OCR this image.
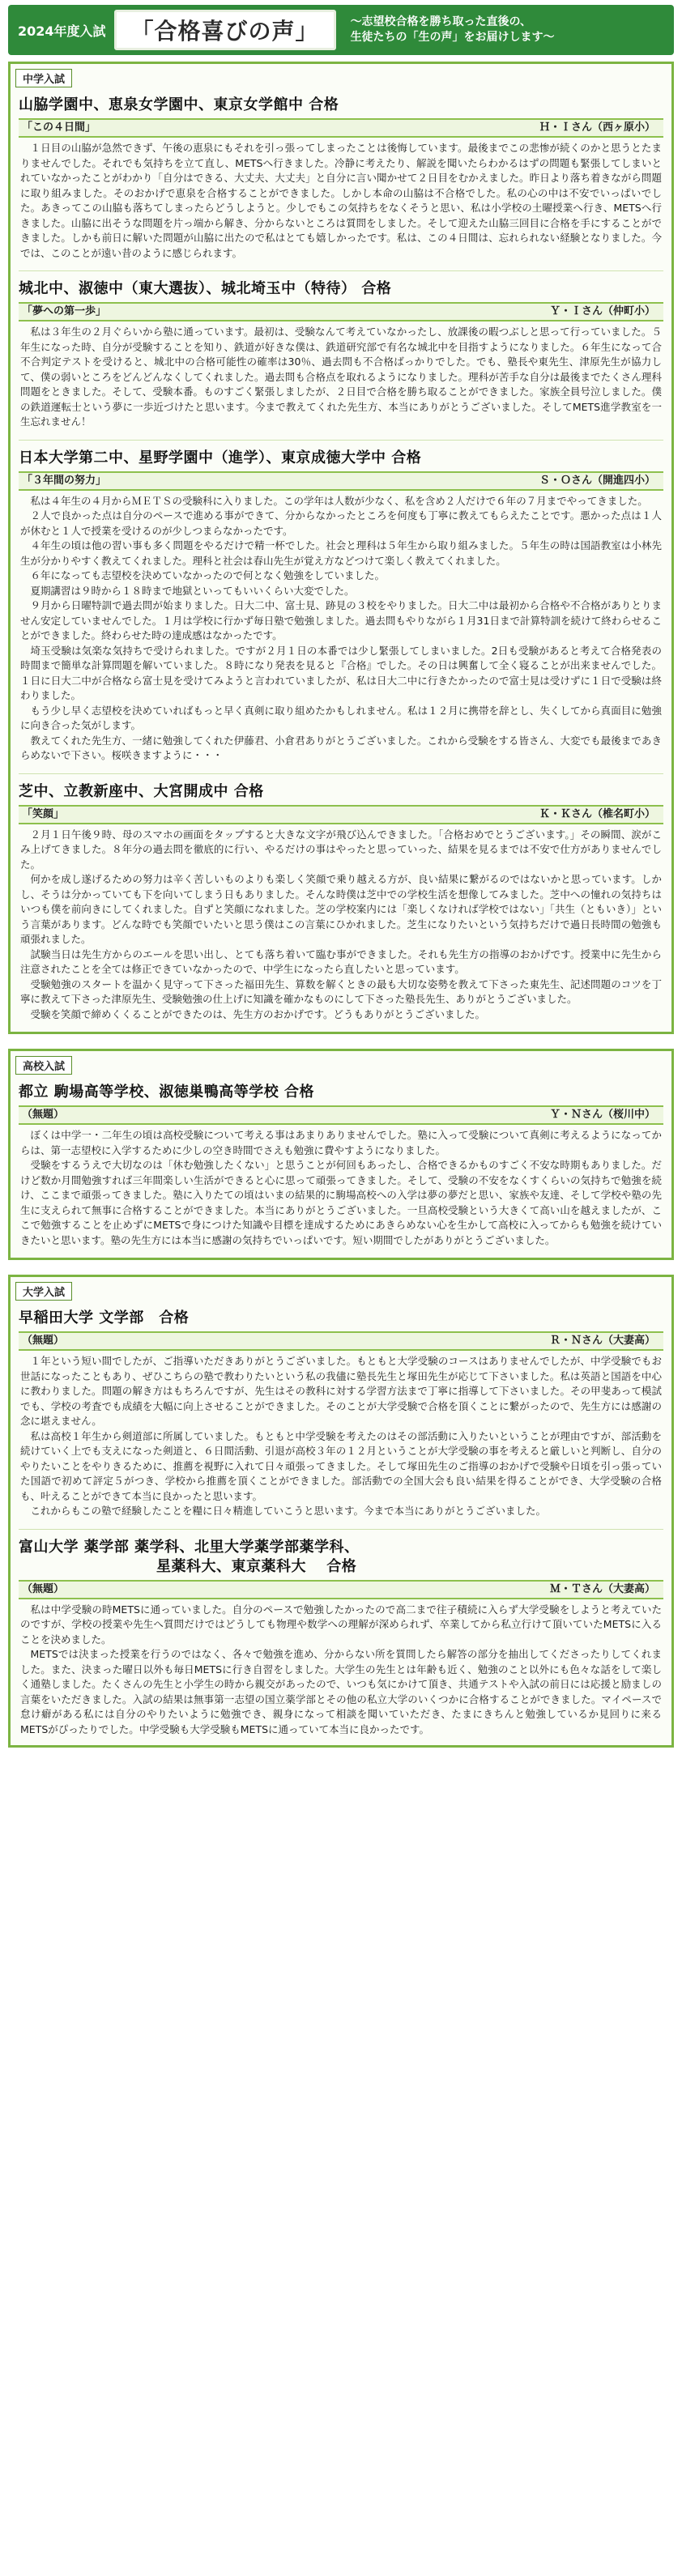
2024年度入試	「合格喜びの声」	～志望校合格を勝ち取った直後の、
生徒たちの「生の声」をお届けします～
中学入試
山脇学園中、恵泉女学園中、東京女学館中 合格
「この４日間」	Ｈ・Ｉさん（西ヶ原小）

１日目の山脇が急然できず、午後の恵泉にもそれを引っ張ってしまったことは後悔しています。最後までこの悲惨が続くのかと思うとたまりませんでした。それでも気持ちを立て直し、METSへ行きました。冷静に考えたり、解説を聞いたらわかるはずの問題も緊張してしまいとれていなかったことがわかり「自分はできる、大丈夫、大丈夫」と自分に言い聞かせて２日目をむかえました。昨日より落ち着きながら問題に取り組みました。そのおかげで恵泉を合格することができました。しかし本命の山脇は不合格でした。私の心の中は不安でいっぱいでした。あきってこの山脇も落ちてしまったらどうしようと。少しでもこの気持ちをなくそうと思い、私は小学校の土曜授業へ行き、METSへ行きました。山脇に出そうな問題を片っ端から解き、分からないところは質問をしました。そして迎えた山脇三回目に合格を手にすることができました。しかも前日に解いた問題が山脇に出たので私はとても嬉しかったです。私は、この４日間は、忘れられない経験となりました。今では、このことが遠い昔のように感じられます。

城北中、淑徳中（東大選抜）、城北埼玉中（特待） 合格
「夢への第一歩」	Ｙ・Ｉさん（仲町小）

私は３年生の２月ぐらいから塾に通っています。最初は、受験なんて考えていなかったし、放課後の暇つぶしと思って行っていました。５年生になった時、自分が受験することを知り、鉄道が好きな僕は、鉄道研究部で有名な城北中を目指すようになりました。６年生になって合不合判定テストを受けると、城北中の合格可能性の確率は30％、過去問も不合格ばっかりでした。でも、塾長や東先生、津原先生が協力して、僕の弱いところをどんどんなくしてくれました。過去問も合格点を取れるようになりました。理科が苦手な自分は最後までたくさん理科問題をときました。そして、受験本番。ものすごく緊張しましたが、２日目で合格を勝ち取ることができました。家族全員号泣しました。僕の鉄道運転士という夢に一歩近づけたと思います。今まで教えてくれた先生方、本当にありがとうございました。そしてMETS進学教室を一生忘れません！

日本大学第二中、星野学園中（進学）、東京成徳大学中 合格
「３年間の努力」	Ｓ・Ｏさん（開進四小）

私は４年生の４月からＭＥＴＳの受験科に入りました。この学年は人数が少なく、私を含め２人だけで６年の７月までやってきました。

２人で良かった点は自分のペースで進める事ができて、分からなかったところを何度も丁寧に教えてもらえたことです。悪かった点は１人が休むと１人で授業を受けるのが少しつまらなかったです。

４年生の頃は他の習い事も多く問題をやるだけで精一杯でした。社会と理科は５年生から取り組みました。５年生の時は国語教室は小林先生が分かりやすく教えてくれました。理科と社会は春山先生が覚え方などつけて楽しく教えてくれました。

６年になっても志望校を決めていなかったので何となく勉強をしていました。

夏期講習は９時から１８時まで地獄といってもいいくらい大変でした。

９月から日曜特訓で過去問が始まりました。日大二中、富士見、跡見の３校をやりました。日大二中は最初から合格や不合格がありとりません安定していませんでした。１月は学校に行かず毎日塾で勉強しました。過去問もやりながら１月31日まで計算特訓を続けて終わらせることができました。終わらせた時の達成感はなかったです。

埼玉受験は気楽な気持ちで受けられました。ですが２月１日の本番では少し緊張してしまいました。2日も受験があると考えて合格発表の時間まで簡単な計算問題を解いていました。８時になり発表を見ると『合格』でした。その日は興奮して全く寝ることが出来ませんでした。１日に日大二中が合格なら富士見を受けてみようと言われていましたが、私は日大二中に行きたかったので富士見は受けずに１日で受験は終わりました。

もう少し早く志望校を決めていればもっと早く真剣に取り組めたかもしれません。私は１２月に携帯を辞とし、失くしてから真面目に勉強に向き合った気がします。

教えてくれた先生方、一緒に勉強してくれた伊藤君、小倉君ありがとうございました。これから受験をする皆さん、大変でも最後まであきらめないで下さい。桜咲きますように・・・

芝中、立教新座中、大宮開成中 合格
「笑顔」	Ｋ・Ｋさん（椎名町小）

２月１日午後９時、母のスマホの画面をタップすると大きな文字が飛び込んできました。「合格おめでとうございます。」その瞬間、涙がこみ上げてきました。８年分の過去問を徹底的に行い、やるだけの事はやったと思っていった、結果を見るまでは不安で仕方がありませんでした。

何かを成し遂げるための努力は辛く苦しいものよりも楽しく笑顔で乗り越える方が、良い結果に繋がるのではないかと思っています。しかし、そうは分かっていても下を向いてしまう日もありました。そんな時僕は芝中での学校生活を想像してみました。芝中への憧れの気持ちはいつも僕を前向きにしてくれました。自ずと笑顔になれました。芝の学校案内には「楽しくなければ学校ではない」「共生（ともいき）」という言葉があります。どんな時でも笑顔でいたいと思う僕はこの言葉にひかれました。芝生になりたいという気持ちだけで過日長時間の勉強も頑張れました。

試験当日は先生方からのエールを思い出し、とても落ち着いて臨む事ができました。それも先生方の指導のおかげです。授業中に先生から注意されたことを全ては修正できていなかったので、中学生になったら直したいと思っています。

受験勉強のスタートを温かく見守って下さった福田先生、算数を解くときの最も大切な姿勢を教えて下さった東先生、記述問題のコツを丁寧に教えて下さった津原先生、受験勉強の仕上げに知識を確かなものにして下さった塾長先生、ありがとうございました。

受験を笑顔で締めくくることができたのは、先生方のおかげです。どうもありがとうございました。

高校入試
都立 駒場高等学校、淑徳巣鴨高等学校 合格
（無題）	Ｙ・Ｎさん（桜川中）

ぼくは中学一・二年生の頃は高校受験について考える事はあまりありませんでした。塾に入って受験について真剣に考えるようになってからは、第一志望校に入学するために少しの空き時間でさえも勉強に費やすようになりました。

受験をするうえで大切なのは「休む勉強したくない」と思うことが何回もあったし、合格できるかものすごく不安な時期もありました。だけど数か月間勉強すれば三年間楽しい生活ができると心に思って頑張ってきました。そして、受験の不安をなくすくらいの気持ちで勉強を続け、ここまで頑張ってきました。塾に入りたての頃はいまの結果的に駒場高校への入学は夢の夢だと思い、家族や友達、そして学校や塾の先生に支えられて無事に合格することができました。本当にありがとうございました。一旦高校受験という大きくて高い山を越えましたが、ここで勉強することを止めずにMETSで身につけた知識や目標を達成するためにあきらめない心を生かして高校に入ってからも勉強を続けていきたいと思います。塾の先生方には本当に感謝の気持ちでいっぱいです。短い期間でしたがありがとうございました。

大学入試
早稲田大学 文学部　合格
（無題）	Ｒ・Ｎさん（大妻高）

１年という短い間でしたが、ご指導いただきありがとうございました。もともと大学受験のコースはありませんでしたが、中学受験でもお世話になったこともあり、ぜひこちらの塾で教わりたいという私の我儘に塾長先生と塚田先生が応じて下さいました。私は英語と国語を中心に教わりました。問題の解き方はもちろんですが、先生はその教科に対する学習方法まで丁寧に指導して下さいました。その甲斐あって模試でも、学校の考査でも成績を大幅に向上させることができました。そのことが大学受験で合格を頂くことに繋がったので、先生方には感謝の念に堪えません。

私は高校１年生から剣道部に所属していました。もともと中学受験を考えたのはその部活動に入りたいということが理由ですが、部活動を続けていく上でも支えになった剣道と、６日間活動、引退が高校３年の１２月ということが大学受験の事を考えると厳しいと判断し、自分のやりたいことをやりきるために、推薦を視野に入れて日々頑張ってきました。そして塚田先生のご指導のおかげで受験や日頃を引っ張っていた国語で初めて評定５がつき、学校から推薦を頂くことができました。部活動での全国大会も良い結果を得ることができ、大学受験の合格も、叶えることができて本当に良かったと思います。

これからもこの塾で経験したことを糧に日々精進していこうと思います。今まで本当にありがとうございました。

富山大学 薬学部 薬学科、北里大学薬学部薬学科、
星薬科大、東京薬科大　 合格
（無題）	Ｍ・Ｔさん（大妻高）

私は中学受験の時METSに通っていました。自分のペースで勉強したかったので高二まで往子積続に入らず大学受験をしようと考えていたのですが、学校の授業や先生へ質問だけではどうしても物理や数学への理解が深められず、卒業してから私立行けて頂いていたMETSに入ることを決めました。

METSでは決まった授業を行うのではなく、各々で勉強を進め、分からない所を質問したら解答の部分を抽出してくださったりしてくれました。また、決まった曜日以外も毎日METSに行き自習をしました。大学生の先生とは年齢も近く、勉強のこと以外にも色々な話をして楽しく通塾しました。たくさんの先生と小学生の時から親交があったので、いつも気にかけて頂き、共通テストや入試の前日には応援と励ましの言葉をいただきました。入試の結果は無事第一志望の国立薬学部とその他の私立大学のいくつかに合格することができました。マイペースで怠け癖がある私には自分のやりたいように勉強でき、親身になって相談を聞いていただき、たまにきちんと勉強しているか見回りに来るMETSがぴったりでした。中学受験も大学受験もMETSに通っていて本当に良かったです。
